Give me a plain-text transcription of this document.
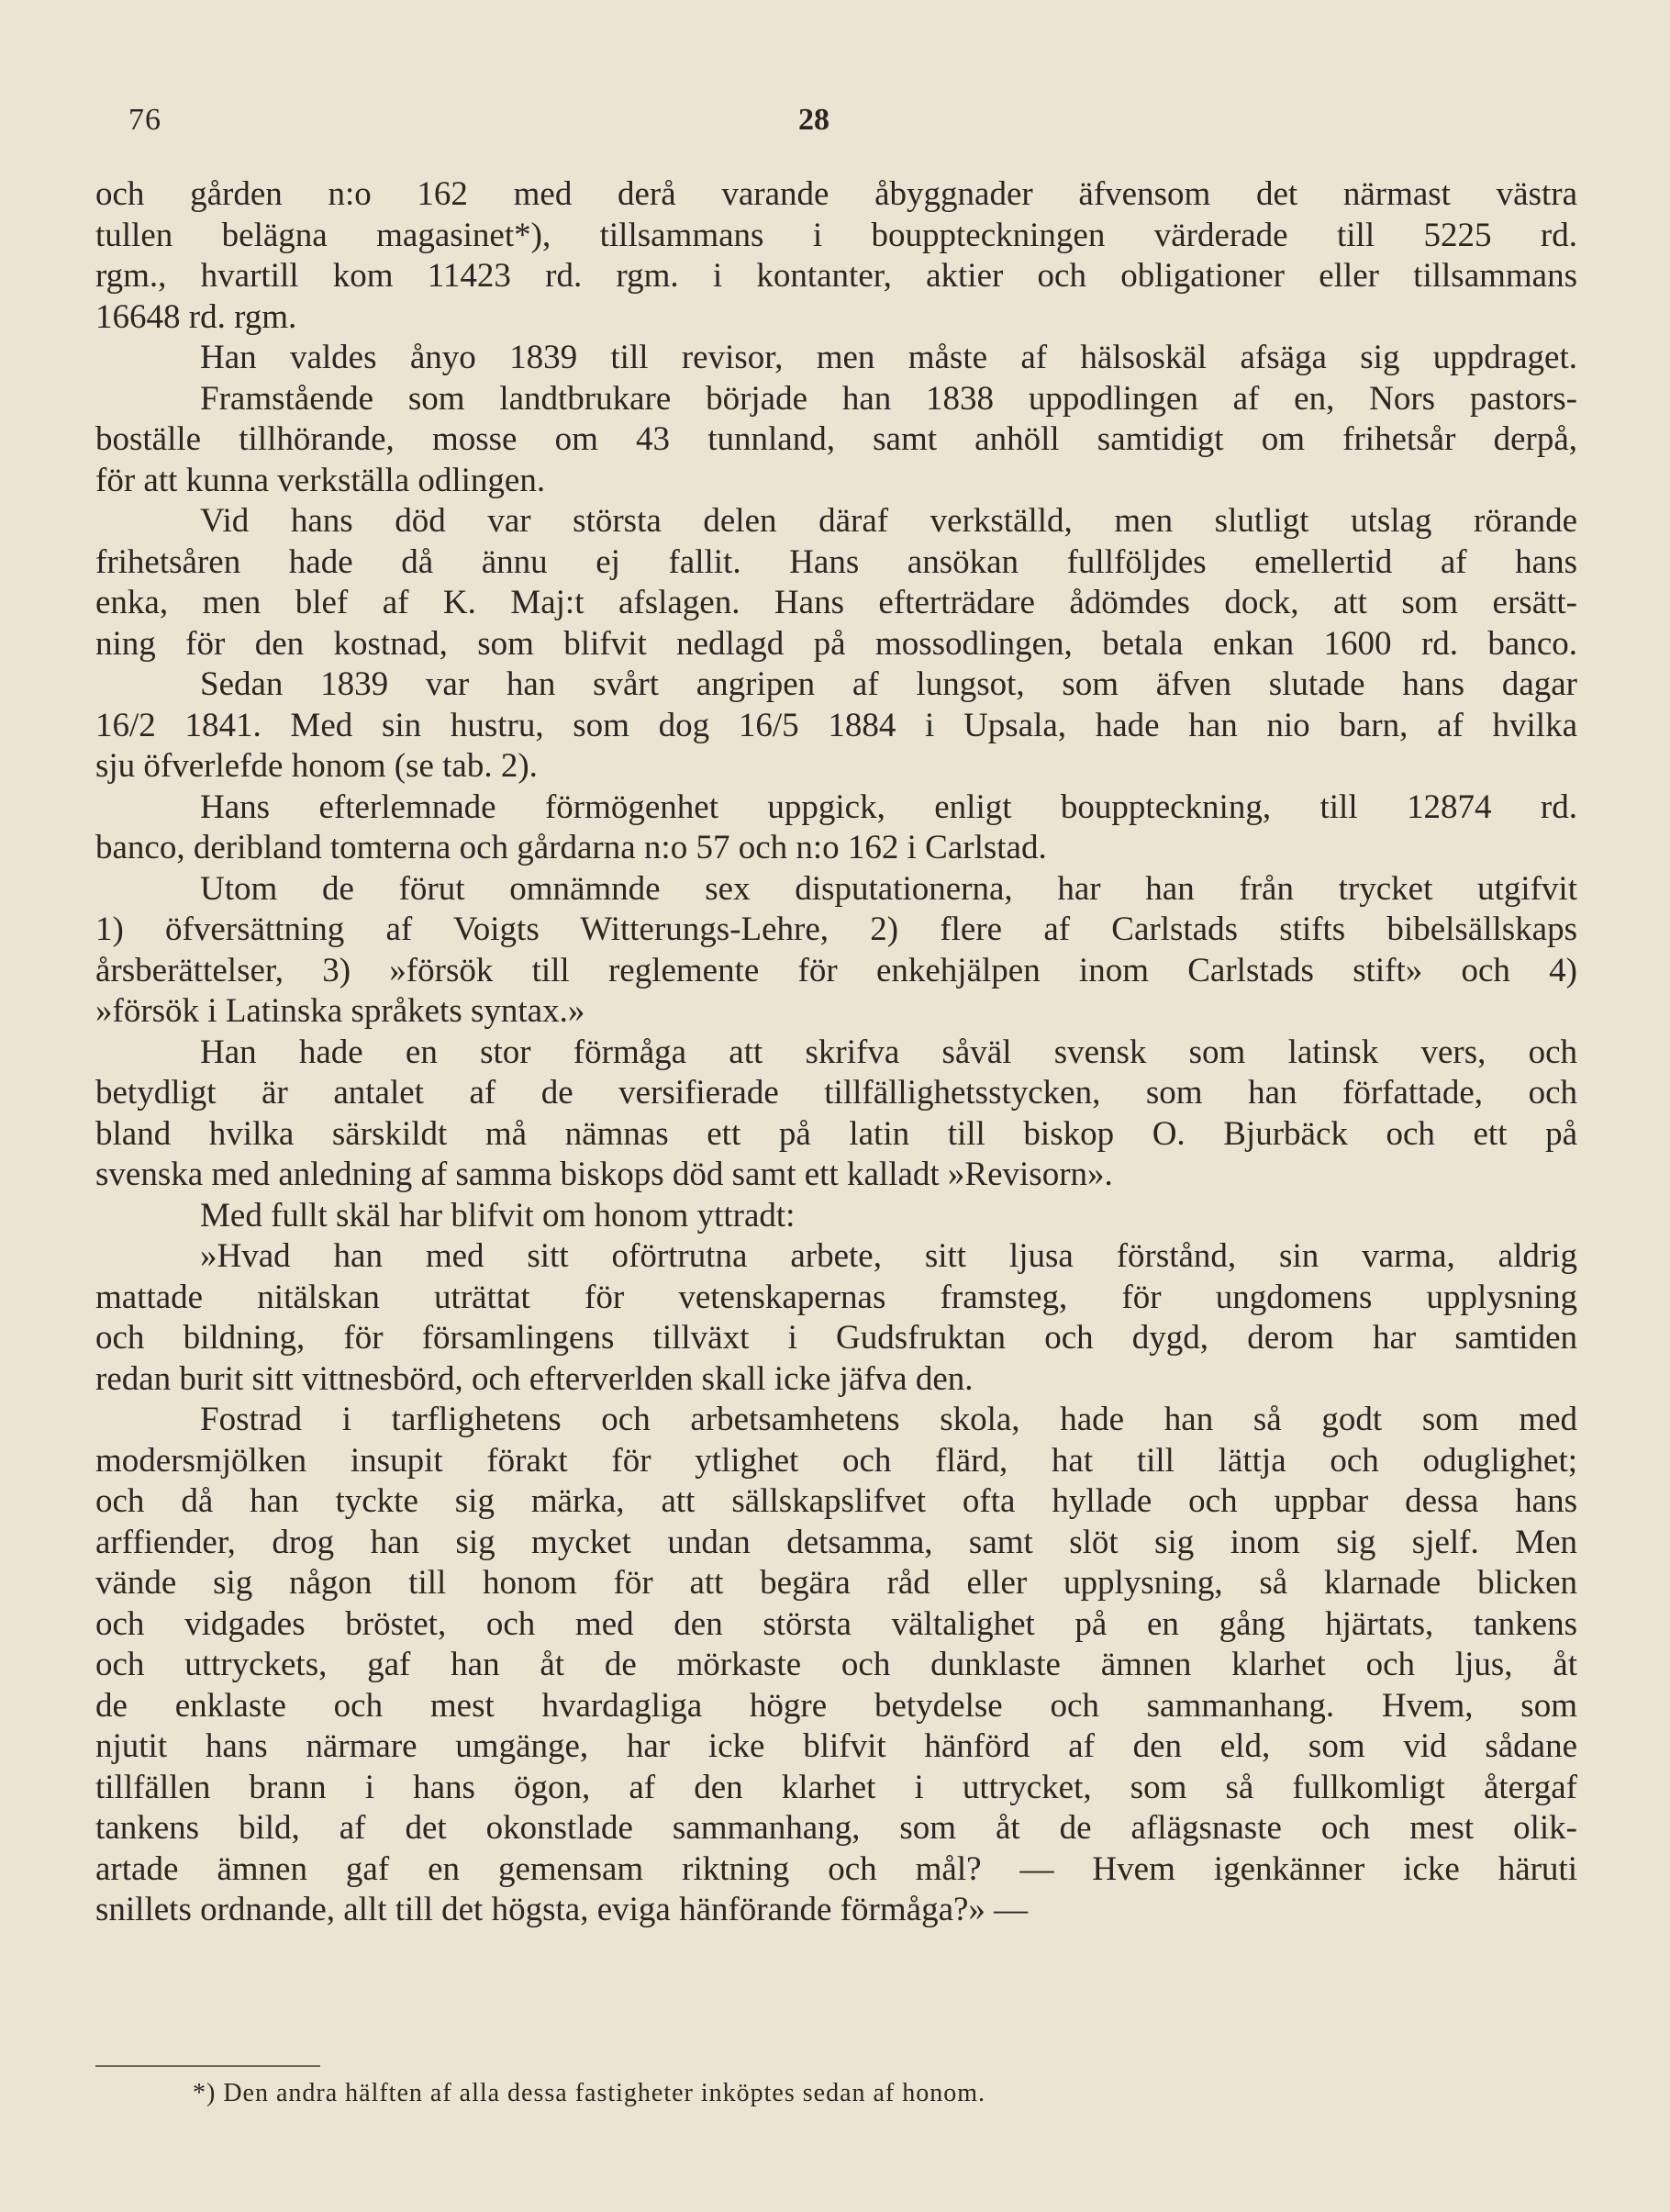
76	28
och gården n:o 162 med derå varande åbyggnader äfvensom det närmast västra
tullen belägna magasinet*), tillsammans i bouppteckningen värderade till 5225 rd.
rgm., hvartill kom 11423 rd. rgm. i kontanter, aktier och obligationer eller tillsammans
16648 rd. rgm.
Han valdes ånyo 1839 till revisor, men måste af hälsoskäl afsäga sig uppdraget.
Framstående som landtbrukare började han 1838 uppodlingen af en, Nors pastors-
boställe tillhörande, mosse om 43 tunnland, samt anhöll samtidigt om frihetsår derpå,
för att kunna verkställa odlingen.
Vid hans död var största delen däraf verkställd, men slutligt utslag rörande
frihetsåren hade då ännu ej fallit. Hans ansökan fullföljdes emellertid af hans
enka, men blef af K. Maj:t afslagen. Hans efterträdare ådömdes dock, att som ersätt-
ning för den kostnad, som blifvit nedlagd på mossodlingen, betala enkan 1600 rd. banco.
Sedan 1839 var han svårt angripen af lungsot, som äfven slutade hans dagar
16/2 1841. Med sin hustru, som dog 16/5 1884 i Upsala, hade han nio barn, af hvilka
sju öfverlefde honom (se tab. 2).
Hans efterlemnade förmögenhet uppgick, enligt bouppteckning, till 12874 rd.
banco, deribland tomterna och gårdarna n:o 57 och n:o 162 i Carlstad.
Utom de förut omnämnde sex disputationerna, har han från trycket utgifvit
1) öfversättning af Voigts Witterungs-Lehre, 2) flere af Carlstads stifts bibelsällskaps
årsberättelser, 3) »försök till reglemente för enkehjälpen inom Carlstads stift» och 4)
»försök i Latinska språkets syntax.»
Han hade en stor förmåga att skrifva såväl svensk som latinsk vers, och
betydligt är antalet af de versifierade tillfällighetsstycken, som han författade, och
bland hvilka särskildt må nämnas ett på latin till biskop O. Bjurbäck och ett på
svenska med anledning af samma biskops död samt ett kalladt »Revisorn».
Med fullt skäl har blifvit om honom yttradt:
»Hvad han med sitt oförtrutna arbete, sitt ljusa förstånd, sin varma, aldrig
mattade nitälskan uträttat för vetenskapernas framsteg, för ungdomens upplysning
och bildning, för församlingens tillväxt i Gudsfruktan och dygd, derom har samtiden
redan burit sitt vittnesbörd, och efterverlden skall icke jäfva den.
Fostrad i tarflighetens och arbetsamhetens skola, hade han så godt som med
modersmjölken insupit förakt för ytlighet och flärd, hat till lättja och oduglighet;
och då han tyckte sig märka, att sällskapslifvet ofta hyllade och uppbar dessa hans
arffiender, drog han sig mycket undan detsamma, samt slöt sig inom sig sjelf. Men
vände sig någon till honom för att begära råd eller upplysning, så klarnade blicken
och vidgades bröstet, och med den största vältalighet på en gång hjärtats, tankens
och uttryckets, gaf han åt de mörkaste och dunklaste ämnen klarhet och ljus, åt
de enklaste och mest hvardagliga högre betydelse och sammanhang. Hvem, som
njutit hans närmare umgänge, har icke blifvit hänförd af den eld, som vid sådane
tillfällen brann i hans ögon, af den klarhet i uttrycket, som så fullkomligt återgaf
tankens bild, af det okonstlade sammanhang, som åt de aflägsnaste och mest olik-
artade ämnen gaf en gemensam riktning och mål? — Hvem igenkänner icke häruti
snillets ordnande, allt till det högsta, eviga hänförande förmåga?» —
*) Den andra hälften af alla dessa fastigheter inköptes sedan af honom.
